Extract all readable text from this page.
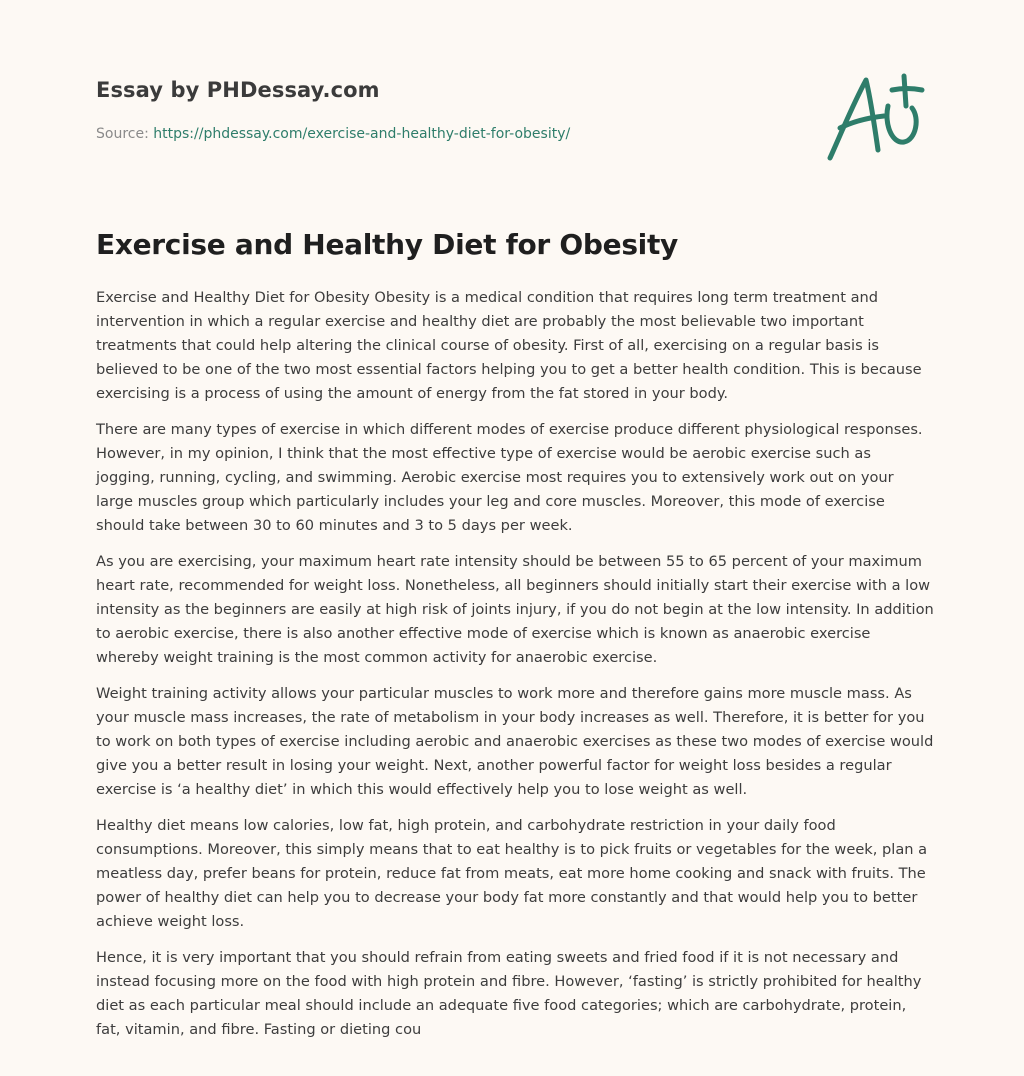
Essay by PHDessay.com
Source: https://phdessay.com/exercise-and-healthy-diet-for-obesity/
Exercise and Healthy Diet for Obesity

Exercise and Healthy Diet for Obesity Obesity is a medical condition that requires long term treatment and intervention in which a regular exercise and healthy diet are probably the most believable two important treatments that could help altering the clinical course of obesity. First of all, exercising on a regular basis is believed to be one of the two most essential factors helping you to get a better health condition. This is because exercising is a process of using the amount of energy from the fat stored in your body.

There are many types of exercise in which different modes of exercise produce different physiological responses. However, in my opinion, I think that the most effective type of exercise would be aerobic exercise such as jogging, running, cycling, and swimming. Aerobic exercise most requires you to extensively work out on your large muscles group which particularly includes your leg and core muscles. Moreover, this mode of exercise should take between 30 to 60 minutes and 3 to 5 days per week.

As you are exercising, your maximum heart rate intensity should be between 55 to 65 percent of your maximum heart rate, recommended for weight loss. Nonetheless, all beginners should initially start their exercise with a low intensity as the beginners are easily at high risk of joints injury, if you do not begin at the low intensity. In addition to aerobic exercise, there is also another effective mode of exercise which is known as anaerobic exercise whereby weight training is the most common activity for anaerobic exercise.

Weight training activity allows your particular muscles to work more and therefore gains more muscle mass. As your muscle mass increases, the rate of metabolism in your body increases as well. Therefore, it is better for you to work on both types of exercise including aerobic and anaerobic exercises as these two modes of exercise would give you a better result in losing your weight. Next, another powerful factor for weight loss besides a regular exercise is ‘a healthy diet’ in which this would effectively help you to lose weight as well.

Healthy diet means low calories, low fat, high protein, and carbohydrate restriction in your daily food consumptions. Moreover, this simply means that to eat healthy is to pick fruits or vegetables for the week, plan a meatless day, prefer beans for protein, reduce fat from meats, eat more home cooking and snack with fruits. The power of healthy diet can help you to decrease your body fat more constantly and that would help you to better achieve weight loss.

Hence, it is very important that you should refrain from eating sweets and fried food if it is not necessary and instead focusing more on the food with high protein and fibre. However, ‘fasting’ is strictly prohibited for healthy diet as each particular meal should include an adequate five food categories; which are carbohydrate, protein, fat, vitamin, and fibre. Fasting or dieting cou
